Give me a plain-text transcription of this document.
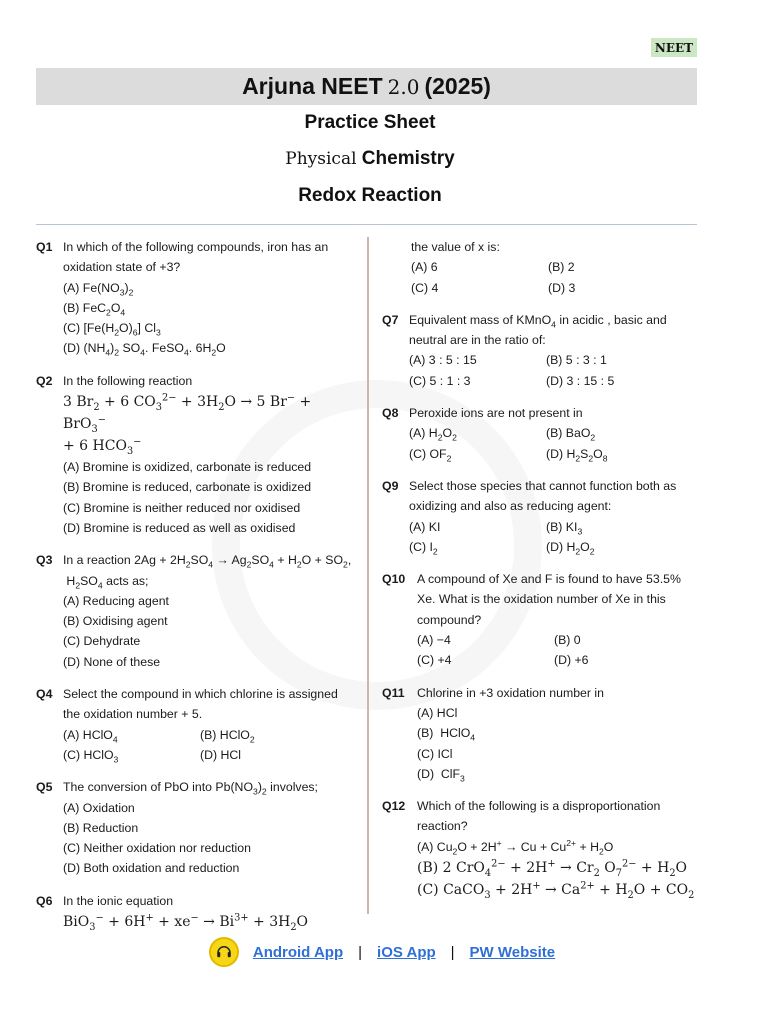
NEET
Arjuna NEET 2.0 (2025)
Practice Sheet
Physical Chemistry
Redox Reaction
Q1 In which of the following compounds, iron has an oxidation state of +3?
(A) $Fe(NO_3)_2$
(B) $FeC_2O_4$
(C) $[Fe(H_2O)_6]$ $Cl_3$
(D) $(NH_4)_2$ $SO_4$. FeSO$_4$. $6H_2O$
Q2 In the following reaction
3 $Br_2 + 6$ $CO_3^{2-} + 3H_2O \to 5$ Br− + BrO$_3$−
+ 6 $HCO_3^-$
(A) Bromine is oxidized, carbonate is reduced
(B) Bromine is reduced, carbonate is oxidized
(C) Bromine is neither reduced nor oxidised
(D) Bromine is reduced as well as oxidised
Q3 In a reaction $2Ag + 2H_2SO_4 \to Ag_2SO_4 + H_2O + SO_2$,  $H_2SO_4$ acts as;
(A) Reducing agent
(B) Oxidising agent
(C) Dehydrate
(D) None of these
Q4 Select the compound in which chlorine is assigned the oxidation number + 5.
(A) HClO$_4$	(B) HClO$_2$
(C) HClO$_3$	(D) HCl
Q5 The conversion of PbO into $Pb(NO_3)_2$ involves;
(A) Oxidation
(B) Reduction
(C) Neither oxidation nor reduction
(D) Both oxidation and reduction
Q6 In the ionic equation
$BiO_3^- + 6H^+ + xe^- \to Bi^{3+} + 3H_2O$
the value of x is:
(A) 6	(B) 2
(C) 4	(D) 3
Q7 Equivalent mass of KMnO$_4$ in acidic , basic and neutral are in the ratio of:
(A) 3 : 5 : 15	(B) 5 : 3 : 1
(C) 5 : 1 : 3	(D) 3 : 15 : 5
Q8 Peroxide ions are not present in
(A) $H_2O_2$	(B) BaO$_2$
(C) $OF_2$	(D) $H_2S_2O_8$
Q9 Select those species that cannot function both as oxidizing and also as reducing agent:
(A) KI	(B) $KI_3$
(C) $I_2$	(D) $H_2O_2$
Q10 A compound of Xe and F is found to have 53.5% Xe. What is the oxidation number of Xe in this compound?
(A) −4	(B) 0
(C) +4	(D) +6
Q11	Chlorine in +3 oxidation number in
(A) HCl
(B)  HClO$_4$
(C) ICl
(D)  ClF$_3$
Q12 Which of the following is a disproportionation reaction?
(A) $Cu_2O + 2H^+ \to Cu + Cu^{2+} + H_2O$
(B) 2 $CrO_4^{2-} + 2H^+ \to Cr_2$ $O_7^{2-} + H_2O$
(C) CaCO$_3$ + $2H^+ \to Ca^{2+} + H_2O + CO_2$
Android App | iOS App | PW Website
